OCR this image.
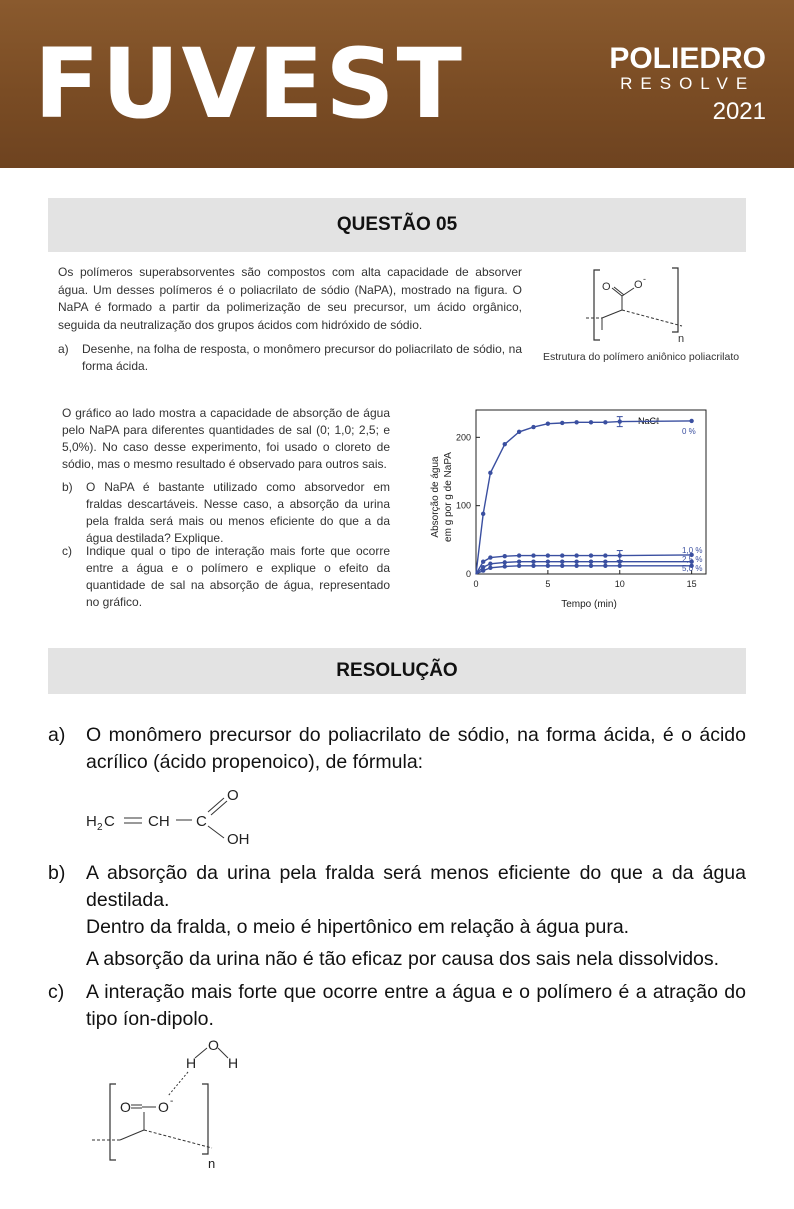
FUVEST	POLIEDRO
RESOLVE
2021
QUESTÃO 05
Os polímeros superabsorventes são compostos com alta capacidade de absorver água. Um desses polímeros é o poliacrilato de sódio (NaPA), mostrado na figura. O NaPA é formado a partir da polimerização de seu precursor, um ácido orgânico, seguida da neutralização dos grupos ácidos com hidróxido de sódio.
a) Desenhe, na folha de resposta, o monômero precursor do poliacrilato de sódio, na forma ácida.
O O -
n
Estrutura do polímero aniônico poliacrilato
O gráfico ao lado mostra a capacidade de absorção de água pelo NaPA para diferentes quantidades de sal (0; 1,0; 2,5; e 5,0%). No caso desse experimento, foi usado o cloreto de sódio, mas o mesmo resultado é observado para outros sais.
b) O NaPA é bastante utilizado como absorvedor em fraldas descartáveis. Nesse caso, a absorção da urina pela fralda será mais ou menos eficiente do que a da água destilada? Explique.
c) Indique qual o tipo de interação mais forte que ocorre entre a água e o polímero e explique o efeito da quantidade de sal na absorção de água, representado no gráfico.
NaCℓ
Tempo (min)
Absorção de água em g por g de NaPA
0	5	10	15
0
100
200
0 %
1,0 %
2,5 %
5,0 %
RESOLUÇÃO
a) O monômero precursor do poliacrilato de sódio, na forma ácida, é o ácido acrílico (ácido propenoico), de fórmula:
H 2 C CH C
O
OH
b) A absorção da urina pela fralda será menos eficiente do que a da água destilada.
Dentro da fralda, o meio é hipertônico em relação à água pura.
A absorção da urina não é tão eficaz por causa dos sais nela dissolvidos.
c) A interação mais forte que ocorre entre a água e o polímero é a atração do tipo íon-dipolo.
H
O
H
O O -
n
